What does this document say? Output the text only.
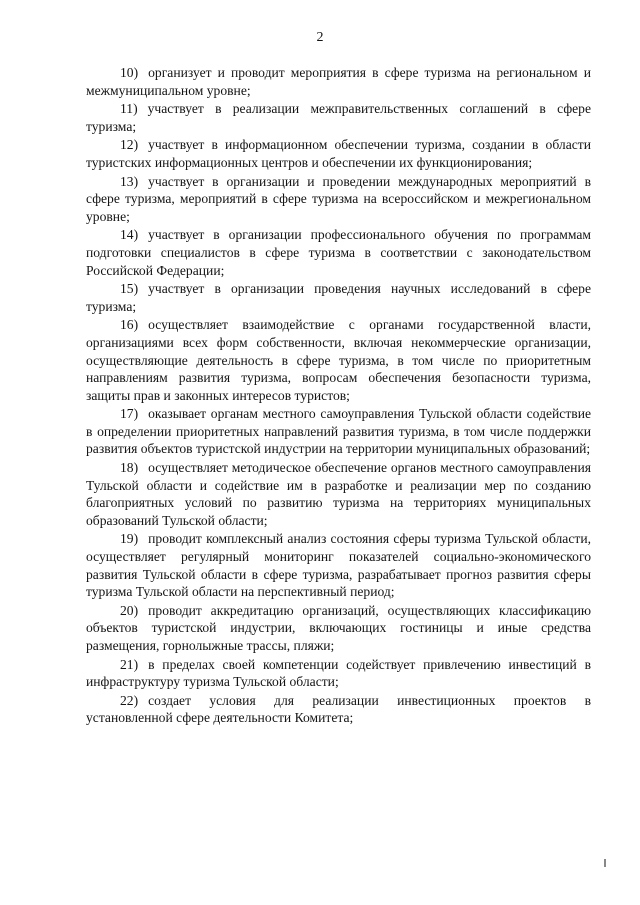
2

10) организует и проводит мероприятия в сфере туризма на региональном и межмуниципальном уровне;

11) участвует в реализации межправительственных соглашений в сфере туризма;

12) участвует в информационном обеспечении туризма, создании в области туристских информационных центров и обеспечении их функционирования;

13) участвует в организации и проведении международных мероприятий в сфере туризма, мероприятий в сфере туризма на всероссийском и межрегиональном уровне;

14) участвует в организации профессионального обучения по программам подготовки специалистов в сфере туризма в соответствии с законодательством Российской Федерации;

15) участвует в организации проведения научных исследований в сфере туризма;

16) осуществляет взаимодействие с органами государственной власти, организациями всех форм собственности, включая некоммерческие организации, осуществляющие деятельность в сфере туризма, в том числе по приоритетным направлениям развития туризма, вопросам обеспечения безопасности туризма, защиты прав и законных интересов туристов;

17) оказывает органам местного самоуправления Тульской области содействие в определении приоритетных направлений развития туризма, в том числе поддержки развития объектов туристской индустрии на территории муниципальных образований;

18) осуществляет методическое обеспечение органов местного самоуправления Тульской области и содействие им в разработке и реализации мер по созданию благоприятных условий по развитию туризма на территориях муниципальных образований Тульской области;

19) проводит комплексный анализ состояния сферы туризма Тульской области, осуществляет регулярный мониторинг показателей социально-экономического развития Тульской области в сфере туризма, разрабатывает прогноз развития сферы туризма Тульской области на перспективный период;

20) проводит аккредитацию организаций, осуществляющих классификацию объектов туристской индустрии, включающих гостиницы и иные средства размещения, горнолыжные трассы, пляжи;

21) в пределах своей компетенции содействует привлечению инвестиций в инфраструктуру туризма Тульской области;

22) создает условия для реализации инвестиционных проектов в установленной сфере деятельности Комитета;
